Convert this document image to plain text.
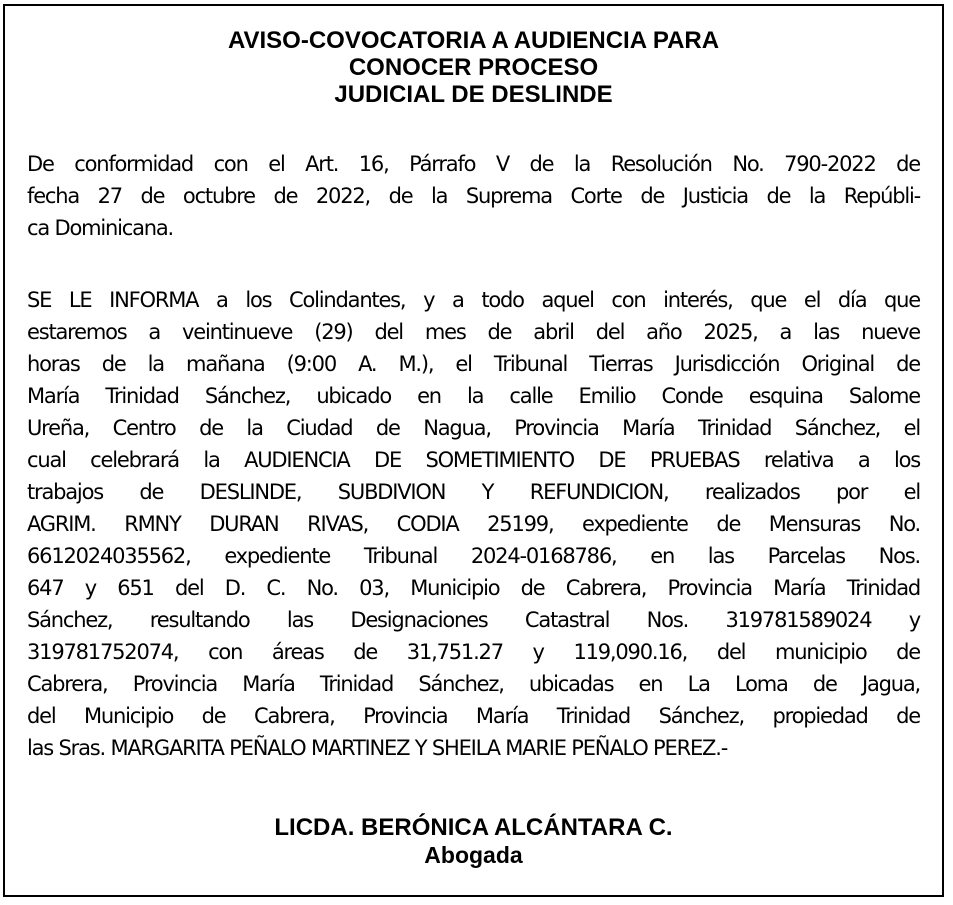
AVISO-COVOCATORIA A AUDIENCIA PARA
CONOCER PROCESO
JUDICIAL DE DESLINDE

De conformidad con el Art. 16, Párrafo V de la Resolución No. 790-2022 de
fecha 27 de octubre de 2022, de la Suprema Corte de Justicia de la Repúbli-
ca Dominicana.

SE LE INFORMA a los Colindantes, y a todo aquel con interés, que el día que
estaremos a veintinueve (29) del mes de abril del año 2025, a las nueve
horas de la mañana (9:00 A. M.), el Tribunal Tierras Jurisdicción Original de
María Trinidad Sánchez, ubicado en la calle Emilio Conde esquina Salome
Ureña, Centro de la Ciudad de Nagua, Provincia María Trinidad Sánchez, el
cual celebrará la AUDIENCIA DE SOMETIMIENTO DE PRUEBAS relativa a los
trabajos de DESLINDE, SUBDIVION Y REFUNDICION, realizados por el
AGRIM. RMNY DURAN RIVAS, CODIA 25199, expediente de Mensuras No.
6612024035562, expediente Tribunal 2024-0168786, en las Parcelas Nos.
647 y 651 del D. C. No. 03, Municipio de Cabrera, Provincia María Trinidad
Sánchez, resultando las Designaciones Catastral Nos. 319781589024 y
319781752074, con áreas de 31,751.27 y 119,090.16, del municipio de
Cabrera, Provincia María Trinidad Sánchez, ubicadas en La Loma de Jagua,
del Municipio de Cabrera, Provincia María Trinidad Sánchez, propiedad de
las Sras. MARGARITA PEÑALO MARTINEZ Y SHEILA MARIE PEÑALO PEREZ.-

LICDA. BERÓNICA ALCÁNTARA C.
Abogada
